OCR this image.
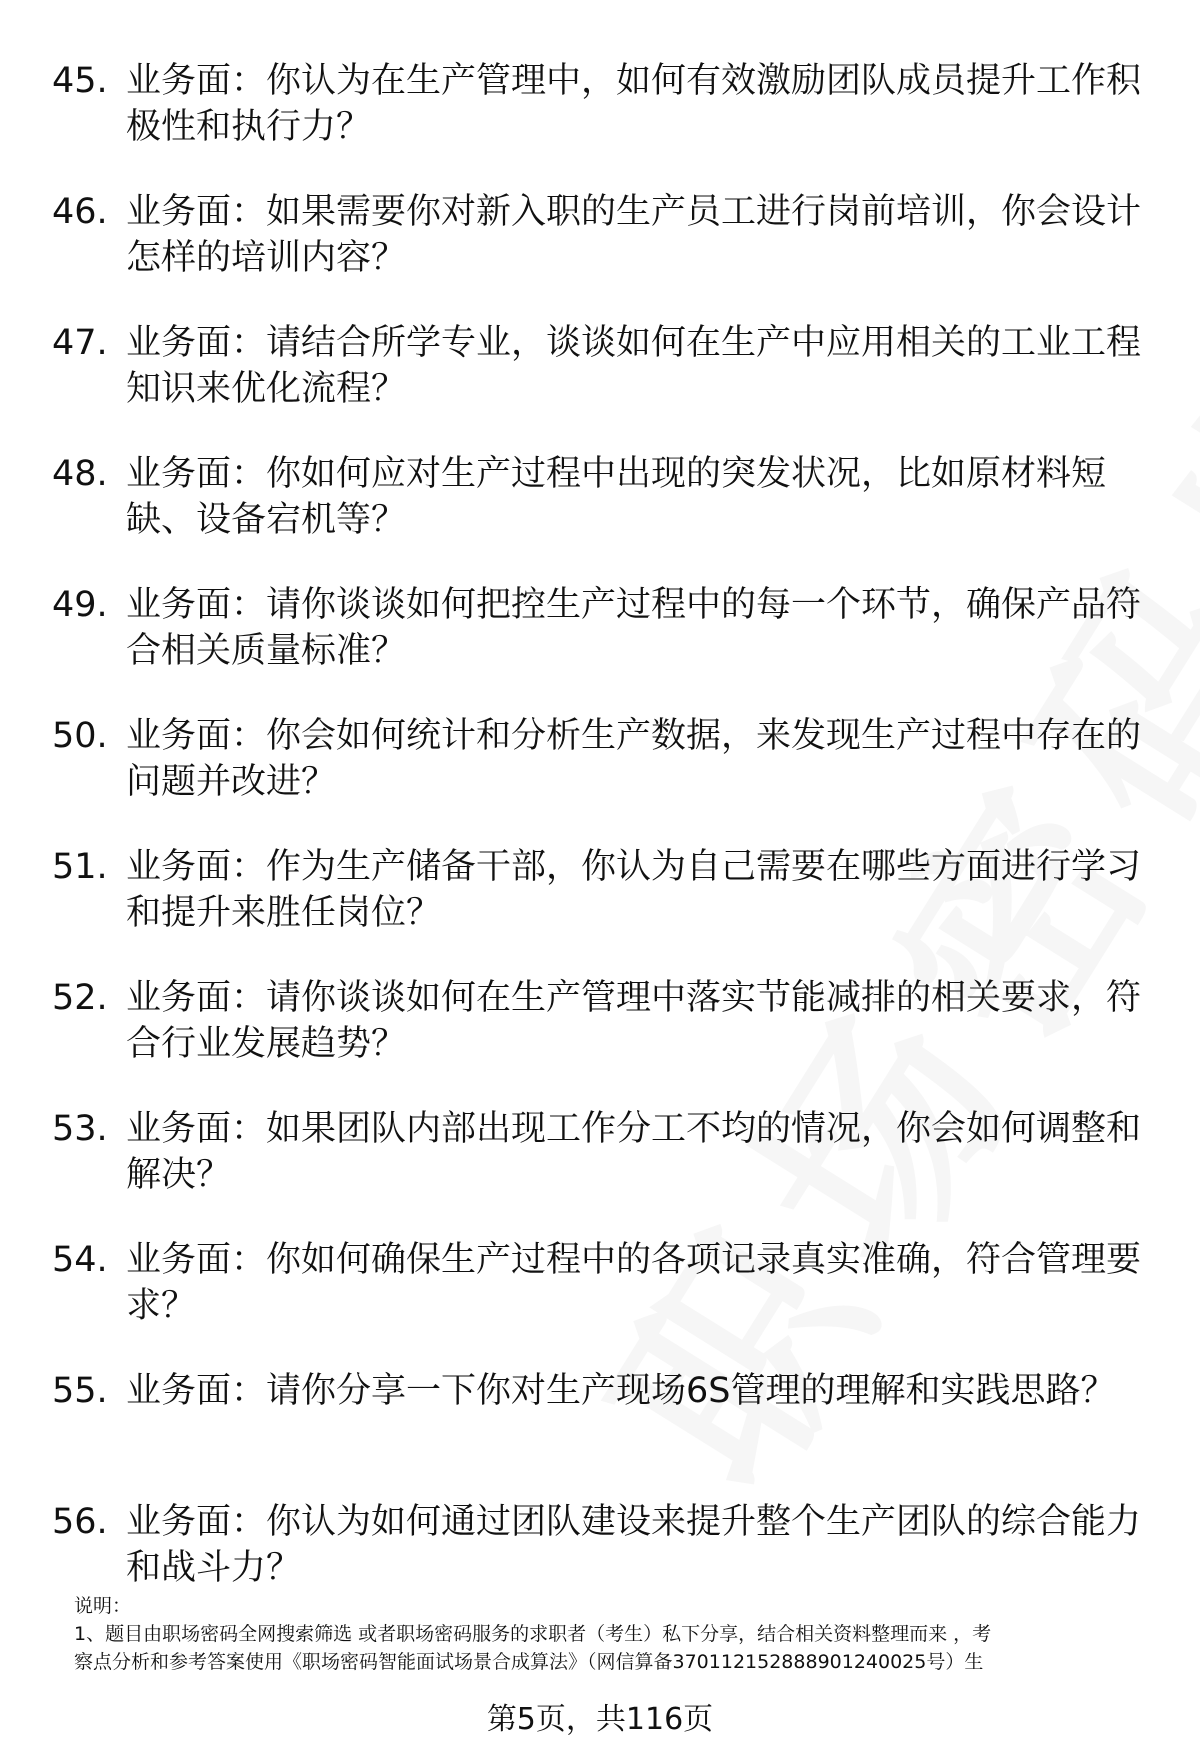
45. 业务面：你认为在生产管理中，如何有效激励团队成员提升工作积极性和执行力？
46. 业务面：如果需要你对新入职的生产员工进行岗前培训，你会设计怎样的培训内容？
47. 业务面：请结合所学专业，谈谈如何在生产中应用相关的工业工程知识来优化流程？
48. 业务面：你如何应对生产过程中出现的突发状况，比如原材料短缺、设备宕机等？
49. 业务面：请你谈谈如何把控生产过程中的每一个环节，确保产品符合相关质量标准？
50. 业务面：你会如何统计和分析生产数据，来发现生产过程中存在的问题并改进？
51. 业务面：作为生产储备干部，你认为自己需要在哪些方面进行学习和提升来胜任岗位？
52. 业务面：请你谈谈如何在生产管理中落实节能减排的相关要求，符合行业发展趋势？
53. 业务面：如果团队内部出现工作分工不均的情况，你会如何调整和解决？
54. 业务面：你如何确保生产过程中的各项记录真实准确，符合管理要求？
55. 业务面：请你分享一下你对生产现场6S管理的理解和实践思路？
56. 业务面：你认为如何通过团队建设来提升整个生产团队的综合能力和战斗力？
说明：
1、题目由职场密码全网搜索筛选 或者职场密码服务的求职者（考生）私下分享，结合相关资料整理而来 ，考
察点分析和参考答案使用《职场密码智能面试场景合成算法》（网信算备370112152888901240025号）生
第5页，共116页
